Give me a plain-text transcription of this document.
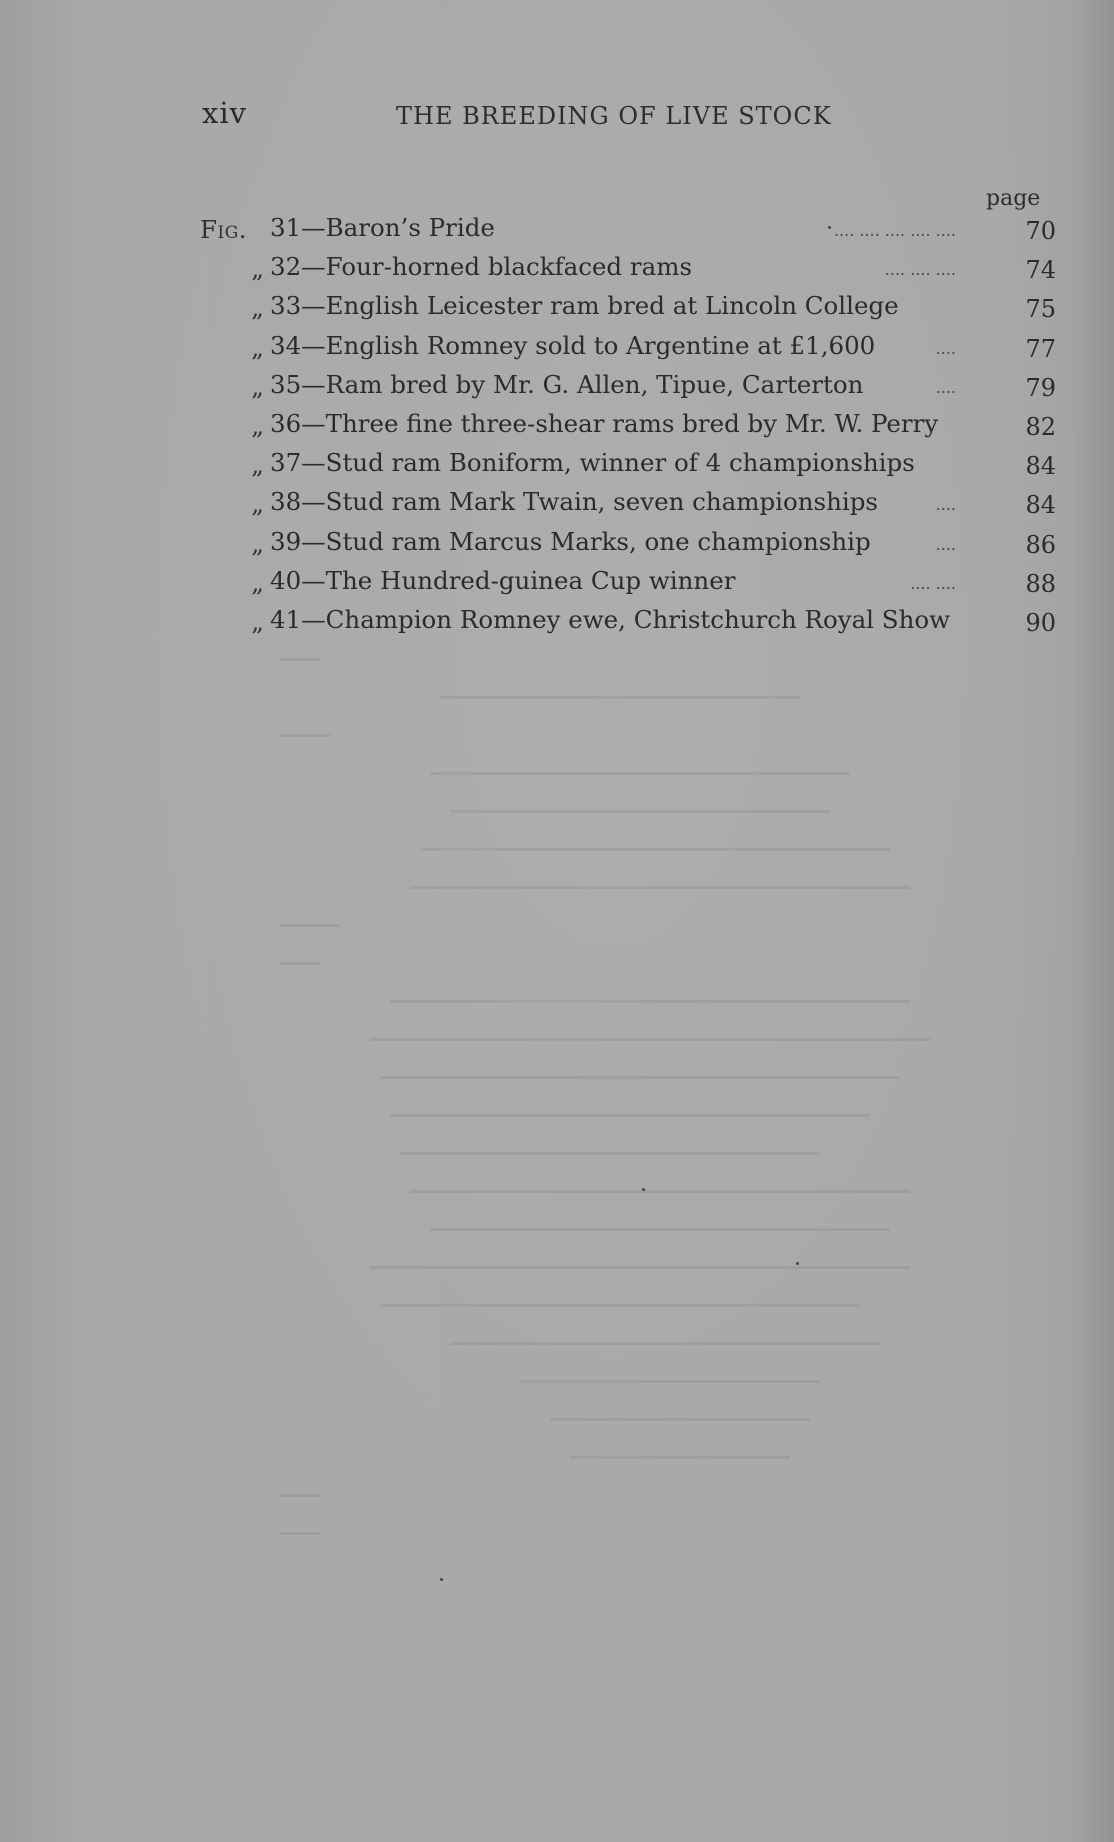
xiv	THE BREEDING OF LIVE STOCK
page
Fig. 31—Baron’s Pride	.... .... .... .... ....	70
„ 32—Four-horned blackfaced rams	.... .... ....	74
„ 33—English Leicester ram bred at Lincoln College	75
„ 34—English Romney sold to Argentine at £1,600	....	77
„ 35—Ram bred by Mr. G. Allen, Tipue, Carterton	....	79
„ 36—Three fine three-shear rams bred by Mr. W. Perry	82
„ 37—Stud ram Boniform, winner of 4 championships	84
„ 38—Stud ram Mark Twain, seven championships	....	84
„ 39—Stud ram Marcus Marks, one championship	....	86
„ 40—The Hundred-guinea Cup winner	.... ....	88
„ 41—Champion Romney ewe, Christchurch Royal Show	90
